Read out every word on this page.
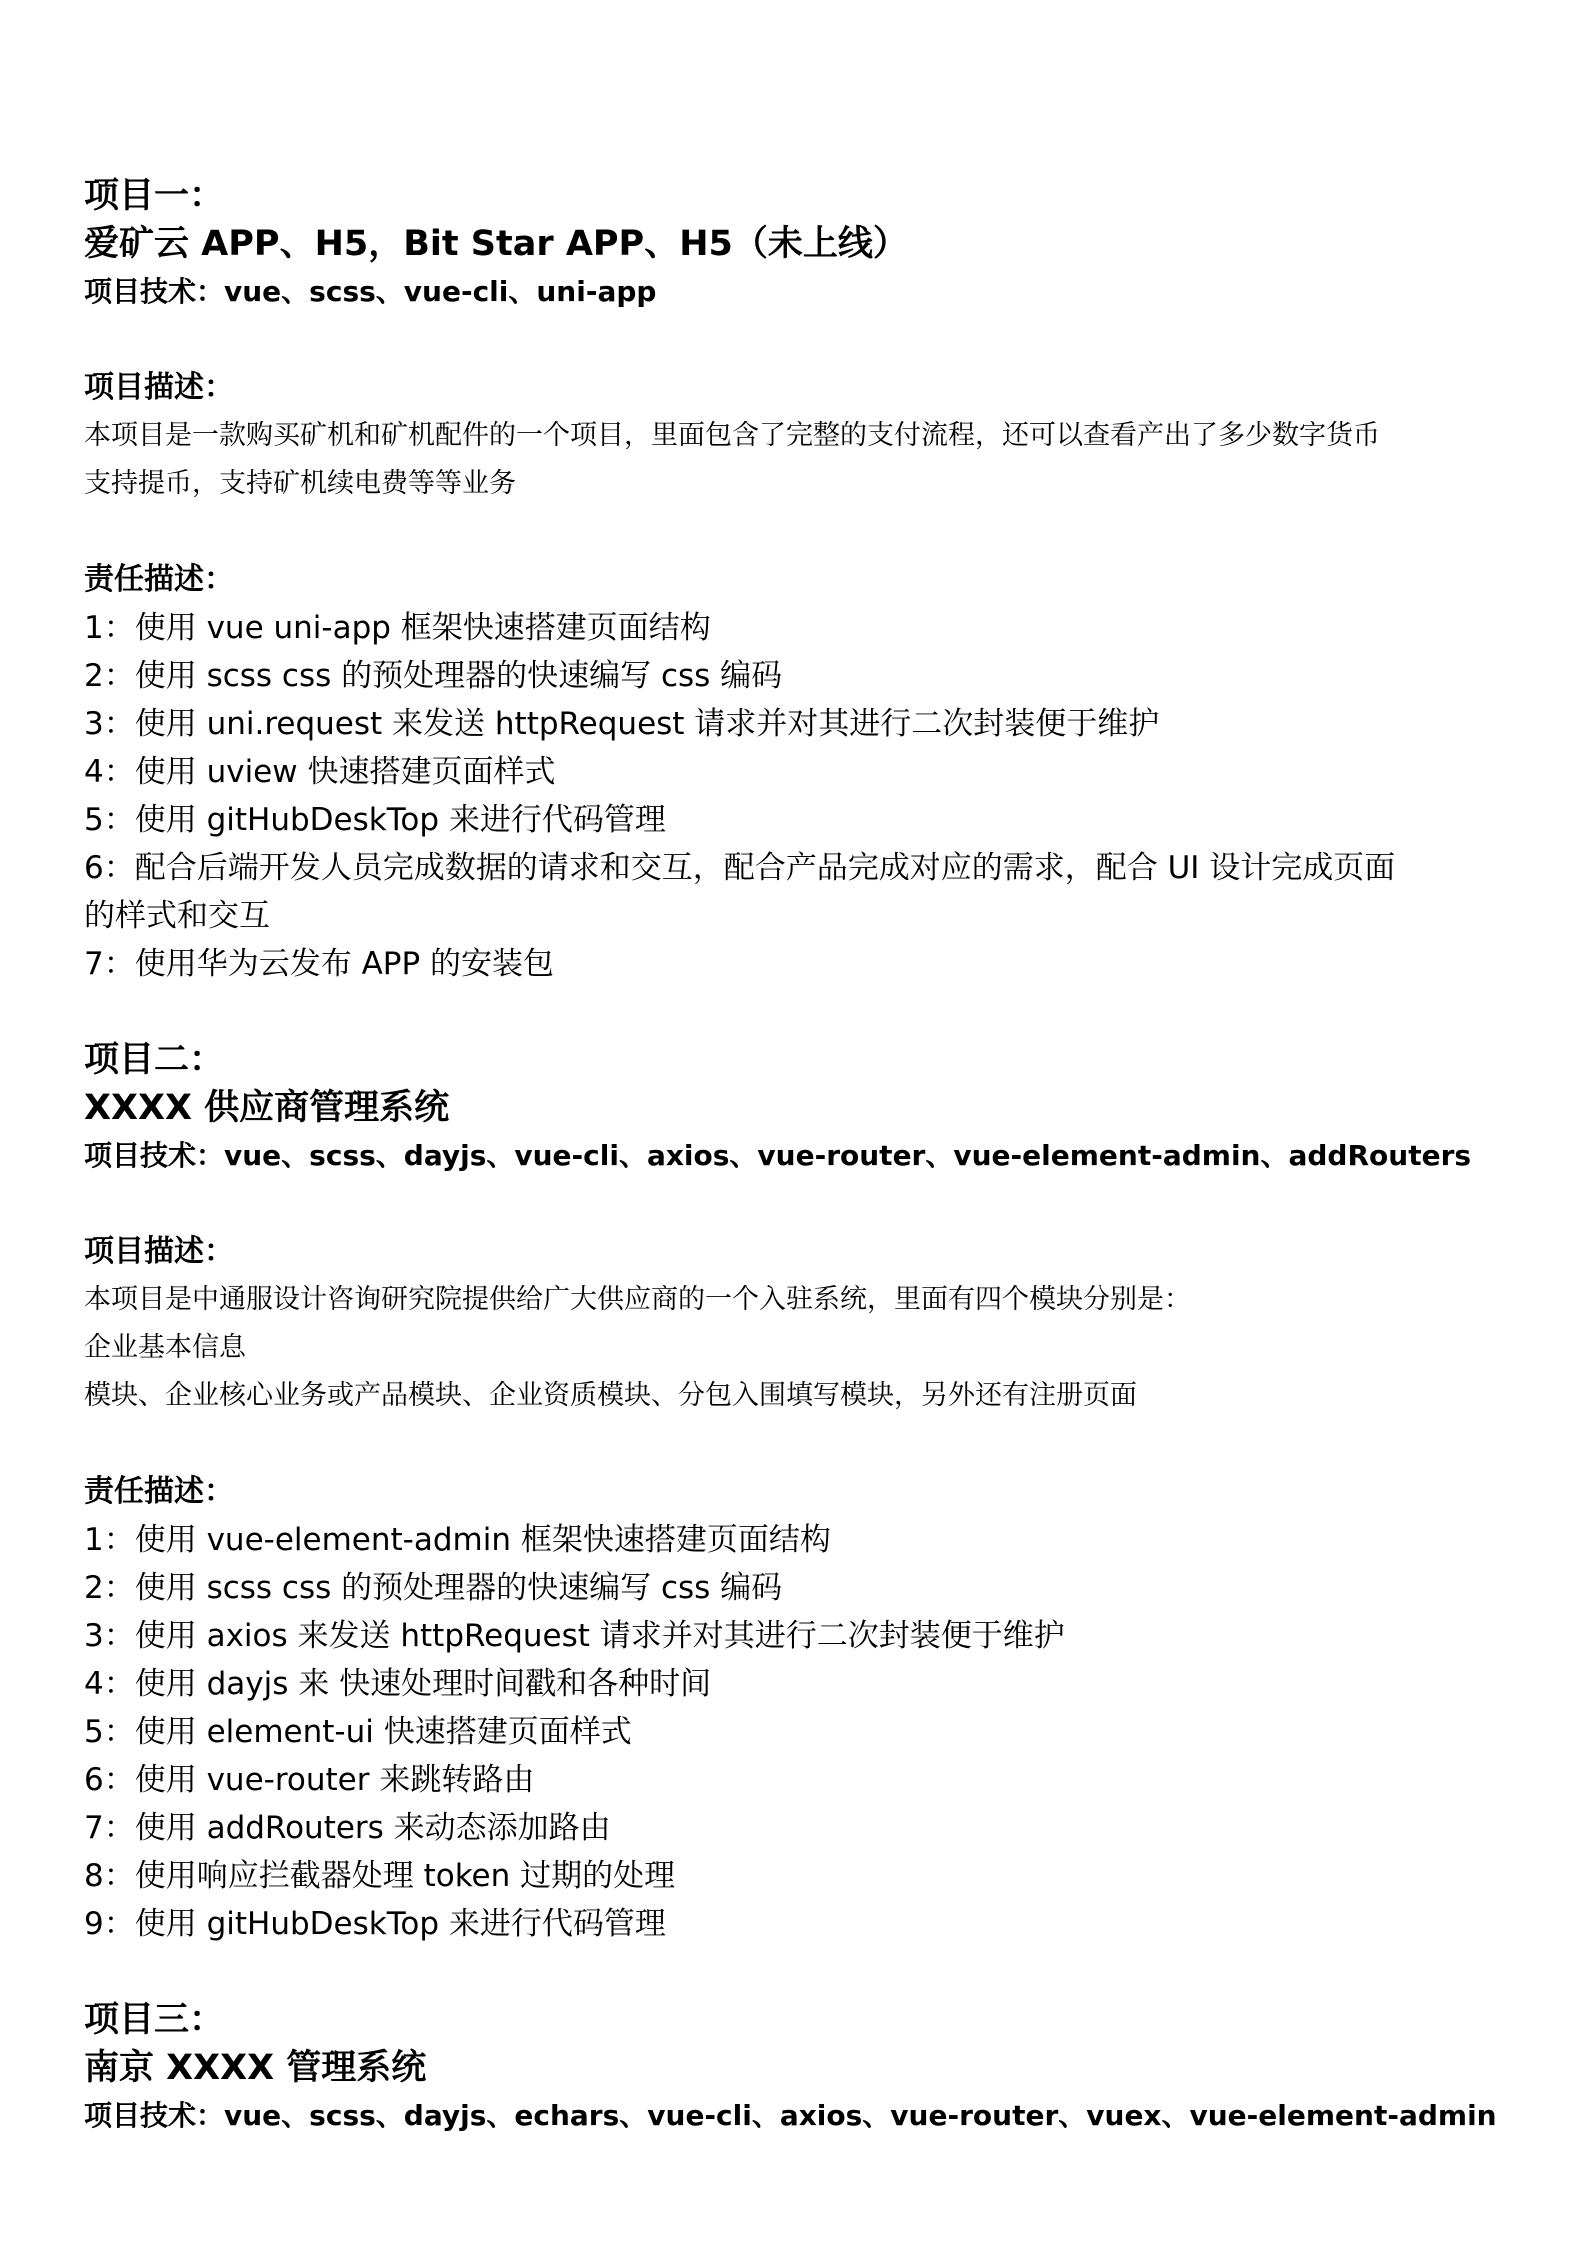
项目一：
爱矿云 APP、H5，Bit Star APP、H5（未上线）
项目技术：vue、scss、vue-cli、uni-app
项目描述：
本项目是一款购买矿机和矿机配件的一个项目，里面包含了完整的支付流程，还可以查看产出了多少数字货币
支持提币，支持矿机续电费等等业务
责任描述：
1：使用 vue uni-app 框架快速搭建页面结构
2：使用 scss css 的预处理器的快速编写 css 编码
3：使用 uni.request 来发送 httpRequest 请求并对其进行二次封装便于维护
4：使用 uview 快速搭建页面样式
5：使用 gitHubDeskTop 来进行代码管理
6：配合后端开发人员完成数据的请求和交互，配合产品完成对应的需求，配合 UI 设计完成页面
的样式和交互
7：使用华为云发布 APP 的安装包
项目二：
XXXX 供应商管理系统
项目技术：vue、scss、dayjs、vue-cli、axios、vue-router、vue-element-admin、addRouters
项目描述：
本项目是中通服设计咨询研究院提供给广大供应商的一个入驻系统，里面有四个模块分别是：
企业基本信息
模块、企业核心业务或产品模块、企业资质模块、分包入围填写模块，另外还有注册页面
责任描述：
1：使用 vue-element-admin 框架快速搭建页面结构
2：使用 scss css 的预处理器的快速编写 css 编码
3：使用 axios 来发送 httpRequest 请求并对其进行二次封装便于维护
4：使用 dayjs 来 快速处理时间戳和各种时间
5：使用 element-ui 快速搭建页面样式
6：使用 vue-router 来跳转路由
7：使用 addRouters 来动态添加路由
8：使用响应拦截器处理 token 过期的处理
9：使用 gitHubDeskTop 来进行代码管理
项目三：
南京 XXXX 管理系统
项目技术：vue、scss、dayjs、echars、vue-cli、axios、vue-router、vuex、vue-element-admin
